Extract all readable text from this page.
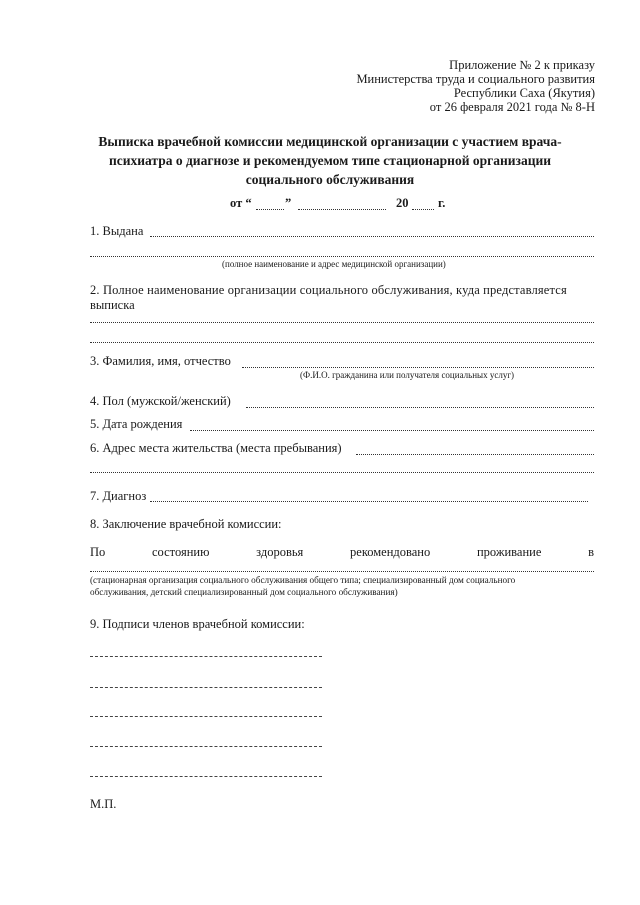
Приложение № 2 к приказу
Министерства труда и социального развития
Республики Саха (Якутия)
от 26 февраля 2021 года № 8-Н
Выписка врачебной комиссии медицинской организации с участием врача-
психиатра о диагнозе и рекомендуемом типе стационарной организации
социального обслуживания
от “	”	20 г.
1. Выдана
(полное наименование и адрес медицинской организации)
2. Полное наименование организации социального обслуживания, куда представляется
выписка
3. Фамилия, имя, отчество
(Ф.И.О. гражданина или получателя социальных услуг)
4. Пол (мужской/женский)
5. Дата рождения
6. Адрес места жительства (места пребывания)
7. Диагноз
8. Заключение врачебной комиссии:
По	состоянию	здоровья	рекомендовано	проживание	в
(стационарная организация социального обслуживания общего типа; специализированный дом социального
обслуживания, детский специализированный дом социального обслуживания)
9. Подписи членов врачебной комиссии:
М.П.
